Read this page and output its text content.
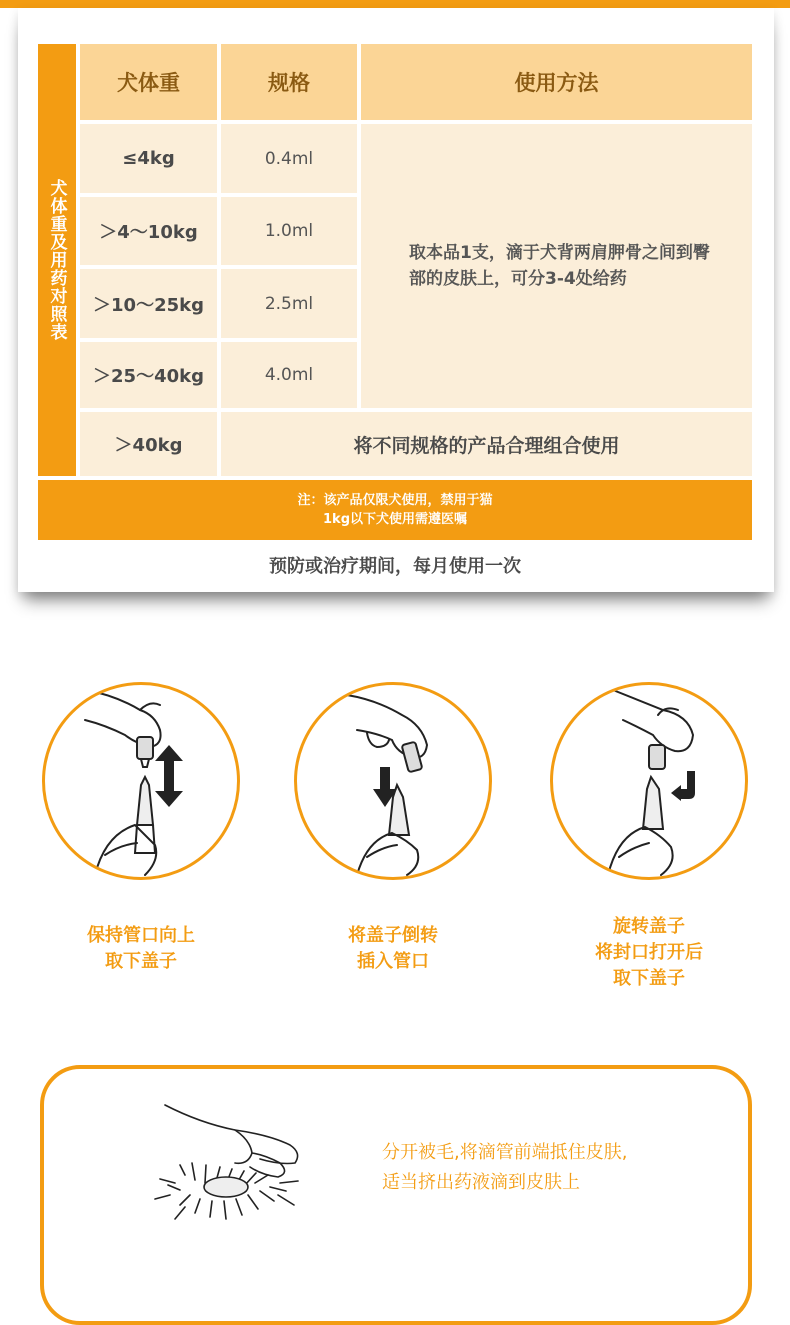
犬体重及用药对照表
犬体重	规格	使用方法
≤4kg	0.4ml
＞4～10kg	1.0ml
＞10～25kg	2.5ml
＞25～40kg	4.0ml
取本品1支，滴于犬背两肩胛骨之间到臀部的皮肤上，可分3-4处给药
＞40kg	将不同规格的产品合理组合使用
注：该产品仅限犬使用，禁用于猫
1kg以下犬使用需遵医嘱
预防或治疗期间，每月使用一次
保持管口向上
取下盖子
将盖子倒转
插入管口
旋转盖子
将封口打开后
取下盖子
分开被毛,将滴管前端抵住皮肤,
适当挤出药液滴到皮肤上
